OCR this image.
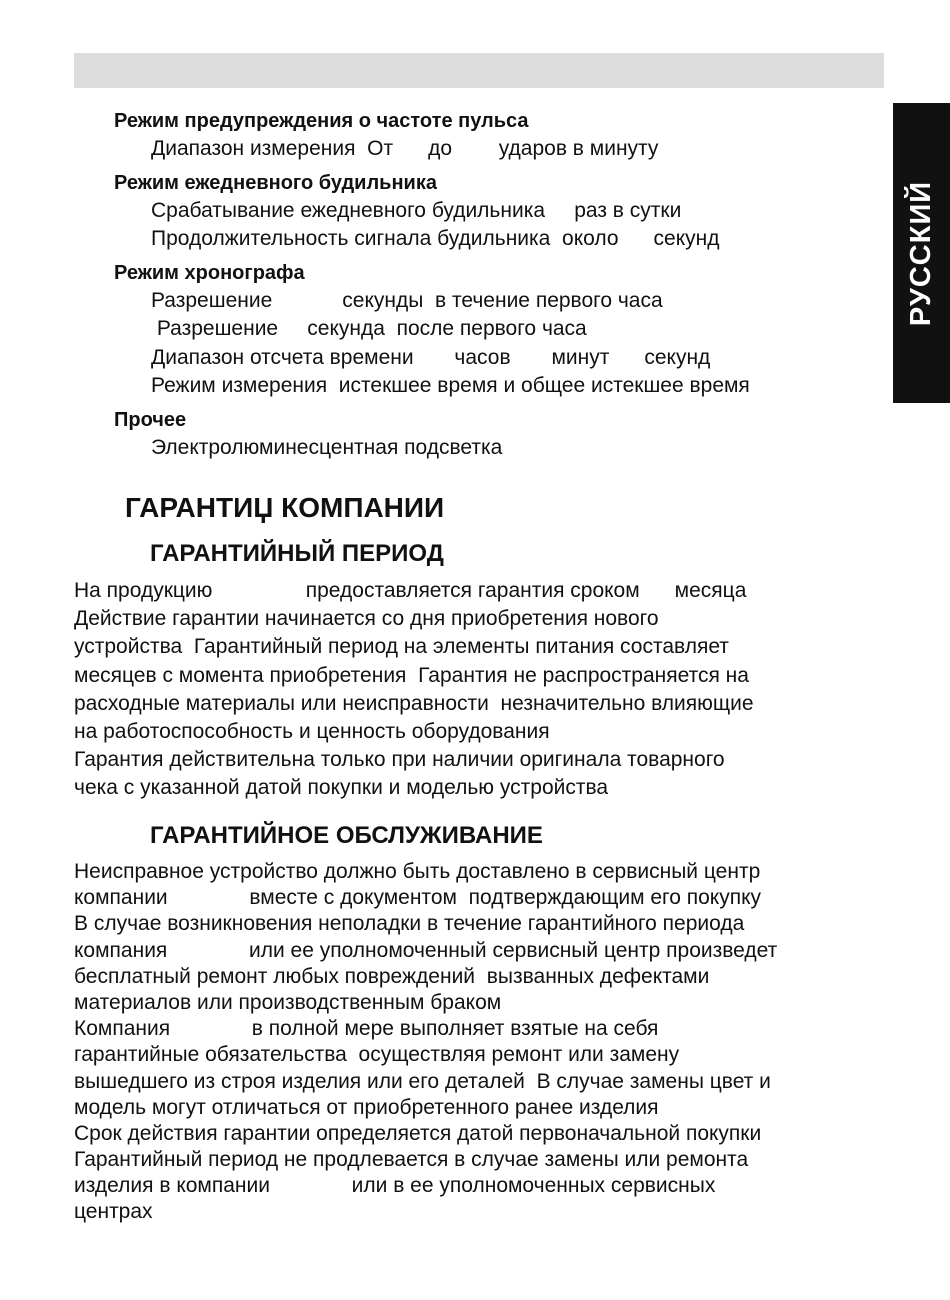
РУССКИЙ
Режим предупреждения о частоте пульса
Диапазон измерения  От      до        ударов в минуту
Режим ежедневного будильника
Срабатывание ежедневного будильника     раз в сутки
Продолжительность сигнала будильника  около      секунд
Режим хронографа
Разрешение            секунды  в течение первого часа
Разрешение     секунда  после первого часа
Диапазон отсчета времени       часов       минут      секунд
Режим измерения  истекшее время и общее истекшее время
Прочее
Электролюминесцентная подсветка
ГАРАНТИЏ КОМПАНИИ
ГАРАНТИЙНЫЙ ПЕРИОД
На продукцию                предоставляется гарантия сроком      месяца
Действие гарантии начинается со дня приобретения нового
устройства  Гарантийный период на элементы питания составляет
месяцев с момента приобретения  Гарантия не распространяется на
расходные материалы или неисправности  незначительно влияющие
на работоспособность и ценность оборудования
Гарантия действительна только при наличии оригинала товарного
чека с указанной датой покупки и моделью устройства
ГАРАНТИЙНОЕ ОБСЛУЖИВАНИЕ
Неисправное устройство должно быть доставлено в сервисный центр
компании              вместе с документом  подтверждающим его покупку
В случае возникновения неполадки в течение гарантийного периода
компания              или ее уполномоченный сервисный центр произведет
бесплатный ремонт любых повреждений  вызванных дефектами
материалов или производственным браком
Компания              в полной мере выполняет взятые на себя
гарантийные обязательства  осуществляя ремонт или замену
вышедшего из строя изделия или его деталей  В случае замены цвет и
модель могут отличаться от приобретенного ранее изделия
Срок действия гарантии определяется датой первоначальной покупки
Гарантийный период не продлевается в случае замены или ремонта
изделия в компании              или в ее уполномоченных сервисных
центрах
